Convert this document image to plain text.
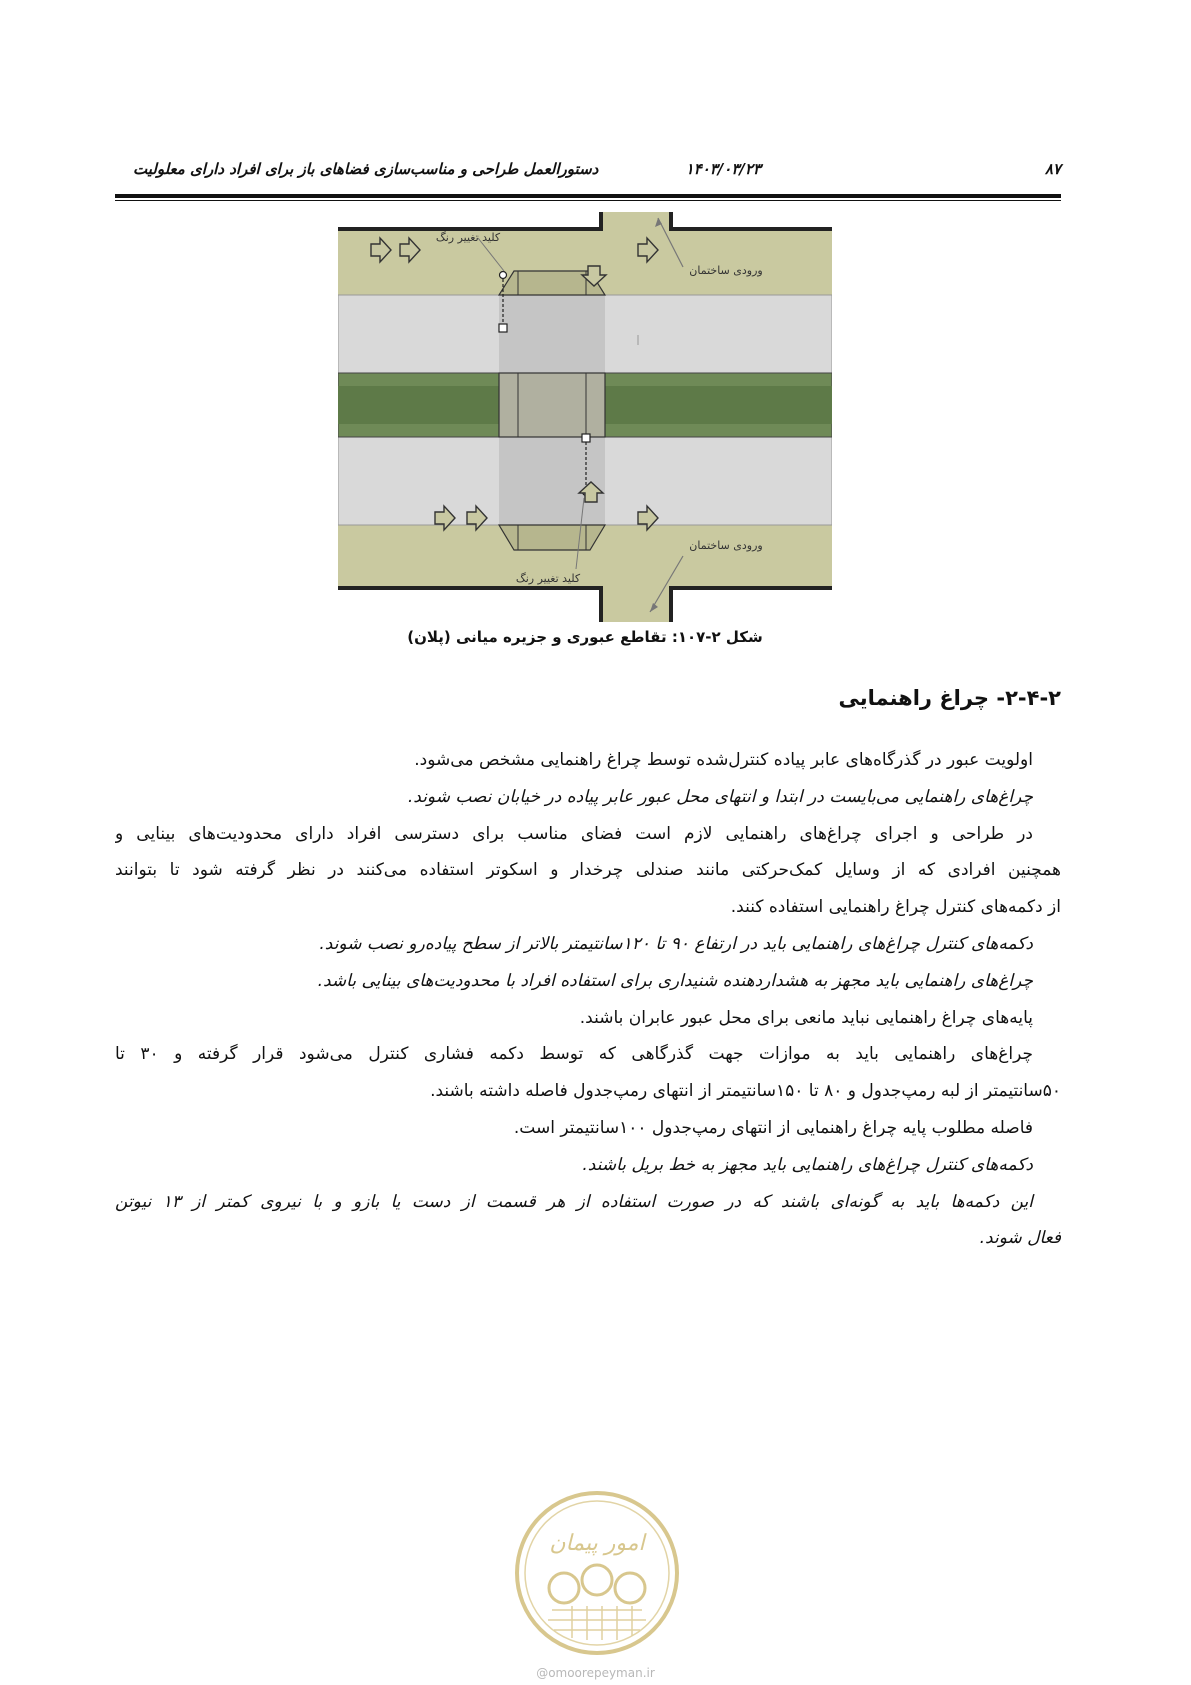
۸۷
۱۴۰۳/۰۳/۲۳
دستورالعمل طراحی و مناسب‌سازی فضاهای باز برای افراد دارای معلولیت
کلید تغییر رنگ
ورودی ساختمان
ورودی ساختمان
کلید تغییر رنگ
شکل ۲-۱۰۷: تقاطع عبوری و جزیره میانی (پلان)
۲-۴-۲- چراغ راهنمایی
اولویت عبور در گذرگاه‌های عابر پیاده کنترل‌شده توسط چراغ راهنمایی مشخص می‌شود.
چراغ‌های راهنمایی می‌بایست در ابتدا و انتهای محل عبور عابر پیاده در خیابان نصب شوند.
در طراحی و اجرای چراغ‌های راهنمایی لازم است فضای مناسب برای دسترسی افراد دارای محدودیت‌های بینایی و
همچنین افرادی که از وسایل کمک‌حرکتی مانند صندلی چرخدار و اسکوتر استفاده می‌کنند در نظر گرفته شود تا بتوانند
از دکمه‌های کنترل چراغ راهنمایی استفاده کنند.
دکمه‌های کنترل چراغ‌های راهنمایی باید در ارتفاع ۹۰ تا ۱۲۰سانتیمتر بالاتر از سطح پیاده‌رو نصب شوند.
چراغ‌های راهنمایی باید مجهز به هشداردهنده شنیداری برای استفاده افراد با محدودیت‌های بینایی باشد.
پایه‌های چراغ راهنمایی نباید مانعی برای محل عبور عابران باشند.
چراغ‌های راهنمایی باید به موازات جهت گذرگاهی که توسط دکمه فشاری کنترل می‌شود قرار گرفته و ۳۰ تا
۵۰سانتیمتر از لبه رمپ‌جدول و ۸۰ تا ۱۵۰سانتیمتر از انتهای رمپ‌جدول فاصله داشته باشند.
فاصله مطلوب پایه چراغ راهنمایی از انتهای رمپ‌جدول ۱۰۰سانتیمتر است.
دکمه‌های کنترل چراغ‌های راهنمایی باید مجهز به خط بریل باشند.
این دکمه‌ها باید به گونه‌ای باشند که در صورت استفاده از هر قسمت از دست یا بازو و با نیروی کمتر از ۱۳ نیوتن
فعال شوند.
امور پیمان
@omoorepeyman.ir
